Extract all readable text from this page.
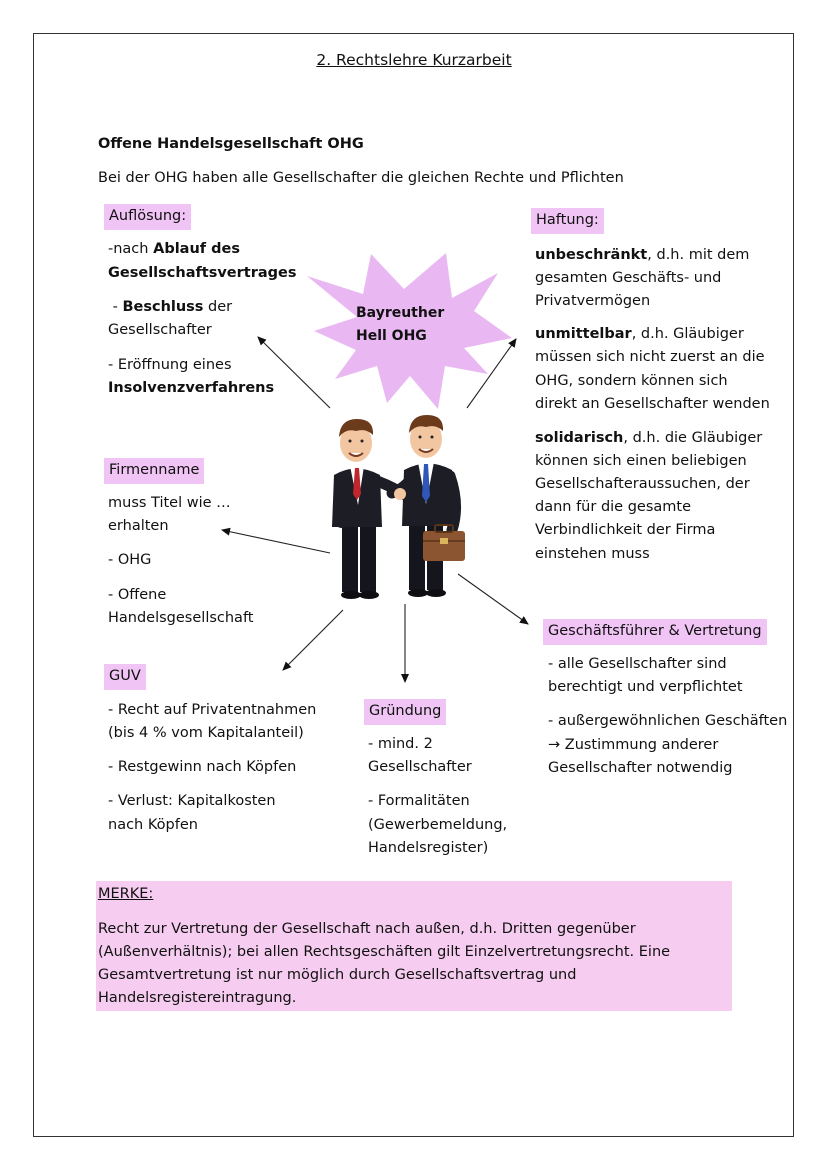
2. Rechtslehre Kurzarbeit
Offene Handelsgesellschaft OHG
Bei der OHG haben alle Gesellschafter die gleichen Rechte und Pflichten
Bayreuther
Hell OHG
Auflösung:
-nach Ablauf des
Gesellschaftsvertrages
- Beschluss der
Gesellschafter
- Eröffnung eines
Insolvenzverfahrens
Haftung:
unbeschränkt, d.h. mit dem
gesamten Geschäfts- und
Privatvermögen
unmittelbar, d.h. Gläubiger
müssen sich nicht zuerst an die
OHG, sondern können sich
direkt an Gesellschafter wenden
solidarisch, d.h. die Gläubiger
können sich einen beliebigen
Gesellschafteraussuchen, der
dann für die gesamte
Verbindlichkeit der Firma
einstehen muss
Firmenname
muss Titel wie …
erhalten
- OHG
- Offene
Handelsgesellschaft
GUV
- Recht auf Privatentnahmen
(bis 4 % vom Kapitalanteil)
- Restgewinn nach Köpfen
- Verlust: Kapitalkosten
nach Köpfen
Gründung
- mind. 2
Gesellschafter
- Formalitäten
(Gewerbemeldung,
Handelsregister)
Geschäftsführer & Vertretung
- alle Gesellschafter sind
berechtigt und verpflichtet
- außergewöhnlichen Geschäften
→ Zustimmung anderer
Gesellschafter notwendig
MERKE:
Recht zur Vertretung der Gesellschaft nach außen, d.h. Dritten gegenüber
(Außenverhältnis); bei allen Rechtsgeschäften gilt Einzelvertretungsrecht. Eine
Gesamtvertretung ist nur möglich durch Gesellschaftsvertrag und
Handelsregistereintragung.
